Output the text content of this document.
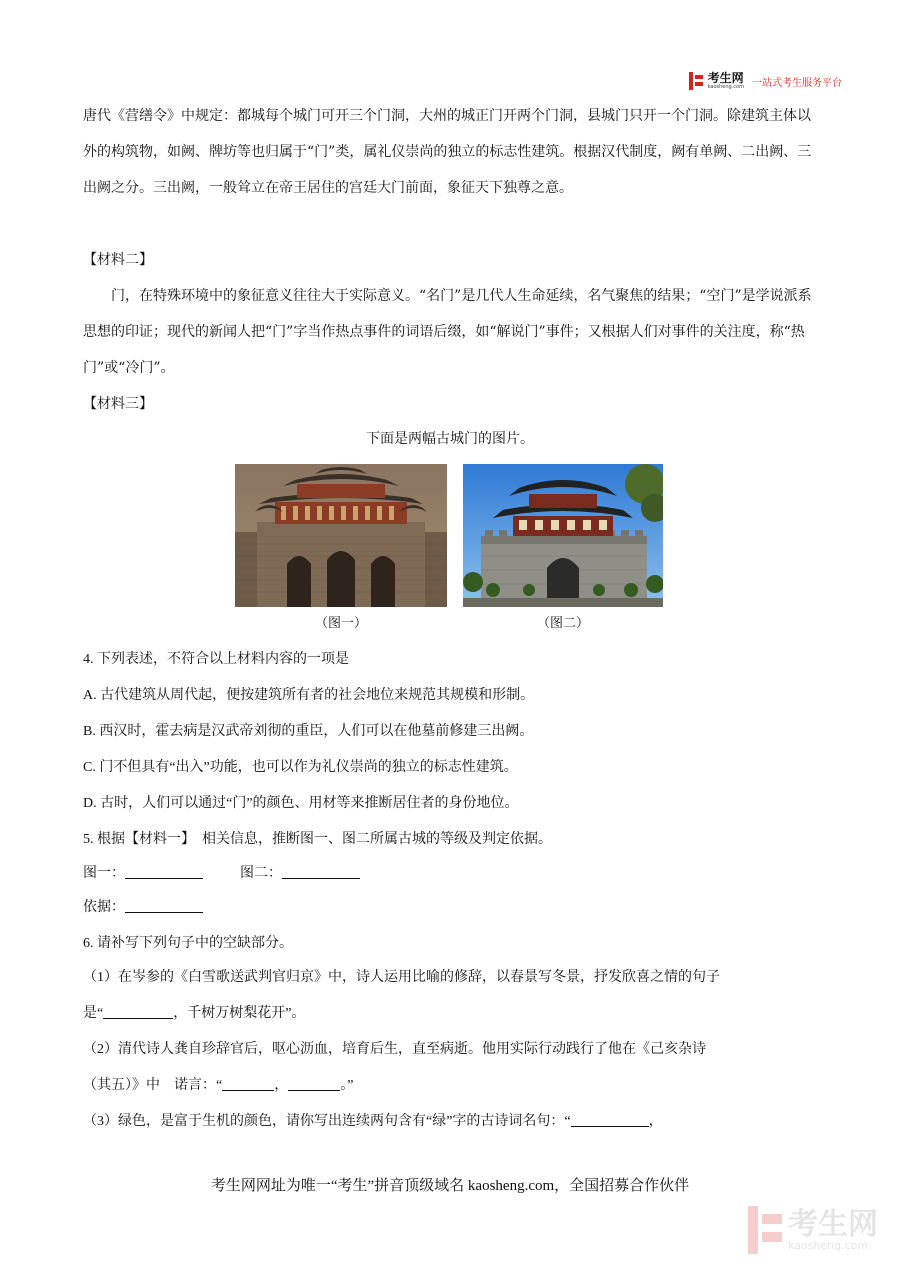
考生网
kaosheng.com 一站式考生服务平台
唐代《营缮令》中规定：都城每个城门可开三个门洞，大州的城正门开两个门洞，县城门只开一个门洞。除建筑主体以外的构筑物，如阙、牌坊等也归属于“门”类，属礼仪崇尚的独立的标志性建筑。根据汉代制度，阙有单阙、二出阙、三出阙之分。三出阙，一般耸立在帝王居住的宫廷大门前面，象征天下独尊之意。
【材料二】
门，在特殊环境中的象征意义往往大于实际意义。“名门”是几代人生命延续，名气聚焦的结果；“空门”是学说派系思想的印证；现代的新闻人把“门”字当作热点事件的词语后缀，如“解说门”事件；又根据人们对事件的关注度，称“热门”或“冷门”。
【材料三】
下面是两幅古城门的图片。
（图一）	（图二）
4. 下列表述，不符合以上材料内容的一项是
A. 古代建筑从周代起，便按建筑所有者的社会地位来规范其规模和形制。
B. 西汉时，霍去病是汉武帝刘彻的重臣，人们可以在他墓前修建三出阙。
C. 门不但具有“出入”功能，也可以作为礼仪崇尚的独立的标志性建筑。
D. 古时，人们可以通过“门”的颜色、用材等来推断居住者的身份地位。
5. 根据【材料一】　相关信息，推断图一、图二所属古城的等级及判定依据。
图一：	图二：
依据：
6. 请补写下列句子中的空缺部分。
（1）在岑参的《白雪歌送武判官归京》中，诗人运用比喻的修辞，以春景写冬景，抒发欣喜之情的句子
是“	，千树万树梨花开”。
（2）清代诗人龚自珍辞官后，呕心沥血，培育后生，直至病逝。他用实际行动践行了他在《己亥杂诗
（其五）》中　诺言：“	，	。”
（3）绿色，是富于生机的颜色，请你写出连续两句含有“绿”字的古诗词名句：“	，
考生网网址为唯一“考生”拼音顶级域名 kaosheng.com，全国招募合作伙伴
考生网
kaosheng.com
